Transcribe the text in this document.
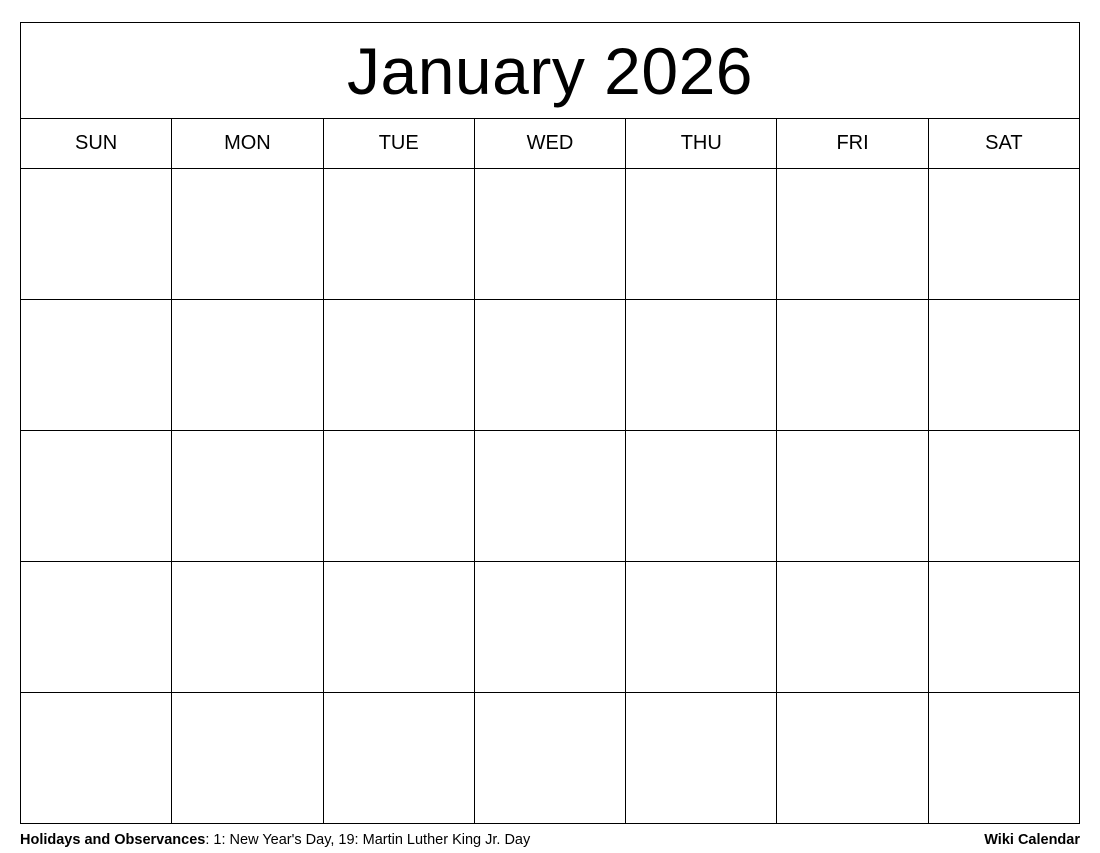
January 2026						

SUN	MON	TUE	WED	THU	FRI	SAT

Holidays and Observances: 1: New Year's Day, 19: Martin Luther King Jr. Day	Wiki Calendar
